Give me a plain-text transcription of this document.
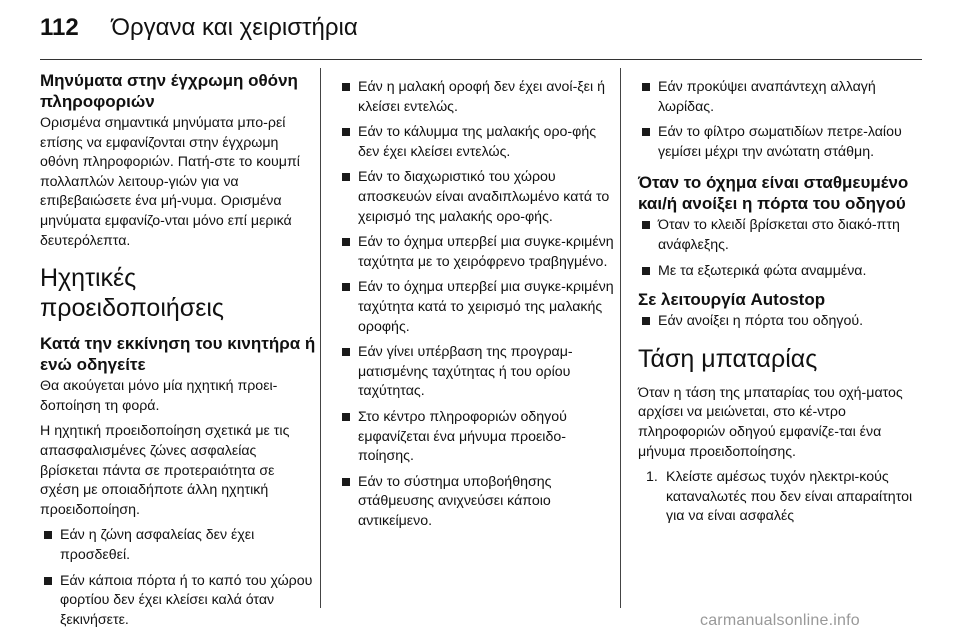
112 Όργανα και χειριστήρια
Μηνύματα στην έγχρωμη οθόνη πληροφοριών

Ορισμένα σημαντικά μηνύματα μπο-ρεί επίσης να εμφανίζονται στην έγχρωμη οθόνη πληροφοριών. Πατή-στε το κουμπί πολλαπλών λειτουρ-γιών για να επιβεβαιώσετε ένα μή-νυμα. Ορισμένα μηνύματα εμφανίζο-νται μόνο επί μερικά δευτερόλεπτα.

Ηχητικές προειδοποιήσεις
Κατά την εκκίνηση του κινητήρα ή ενώ οδηγείτε

Θα ακούγεται μόνο μία ηχητική προει-δοποίηση τη φορά.

Η ηχητική προειδοποίηση σχετικά με τις απασφαλισμένες ζώνες ασφαλείας βρίσκεται πάντα σε προτεραιότητα σε σχέση με οποιαδήποτε άλλη ηχητική προειδοποίηση.

Εάν η ζώνη ασφαλείας δεν έχει προσδεθεί.
Εάν κάποια πόρτα ή το καπό του χώρου φορτίου δεν έχει κλείσει καλά όταν ξεκινήσετε.
Εάν η μαλακή οροφή δεν έχει ανοί-ξει ή κλείσει εντελώς.
Εάν το κάλυμμα της μαλακής ορο-φής δεν έχει κλείσει εντελώς.
Εάν το διαχωριστικό του χώρου αποσκευών είναι αναδιπλωμένο κατά το χειρισμό της μαλακής ορο-φής.
Εάν το όχημα υπερβεί μια συγκε-κριμένη ταχύτητα με το χειρόφρενο τραβηγμένο.
Εάν το όχημα υπερβεί μια συγκε-κριμένη ταχύτητα κατά το χειρισμό της μαλακής οροφής.
Εάν γίνει υπέρβαση της προγραμ-ματισμένης ταχύτητας ή του ορίου ταχύτητας.
Στο κέντρο πληροφοριών οδηγού εμφανίζεται ένα μήνυμα προειδο-ποίησης.
Εάν το σύστημα υποβοήθησης στάθμευσης ανιχνεύσει κάποιο αντικείμενο.
Εάν προκύψει αναπάντεχη αλλαγή λωρίδας.
Εάν το φίλτρο σωματιδίων πετρε-λαίου γεμίσει μέχρι την ανώτατη στάθμη.
Όταν το όχημα είναι σταθμευμένο και/ή ανοίξει η πόρτα του οδηγού
Όταν το κλειδί βρίσκεται στο διακό-πτη ανάφλεξης.
Με τα εξωτερικά φώτα αναμμένα.
Σε λειτουργία Autostop
Εάν ανοίξει η πόρτα του οδηγού.
Τάση μπαταρίας

Όταν η τάση της μπαταρίας του οχή-ματος αρχίσει να μειώνεται, στο κέ-ντρο πληροφοριών οδηγού εμφανίζε-ται ένα μήνυμα προειδοποίησης.

1. Κλείστε αμέσως τυχόν ηλεκτρι-κούς καταναλωτές που δεν είναι απαραίτητοι για να είναι ασφαλές
carmanualsonline.info
